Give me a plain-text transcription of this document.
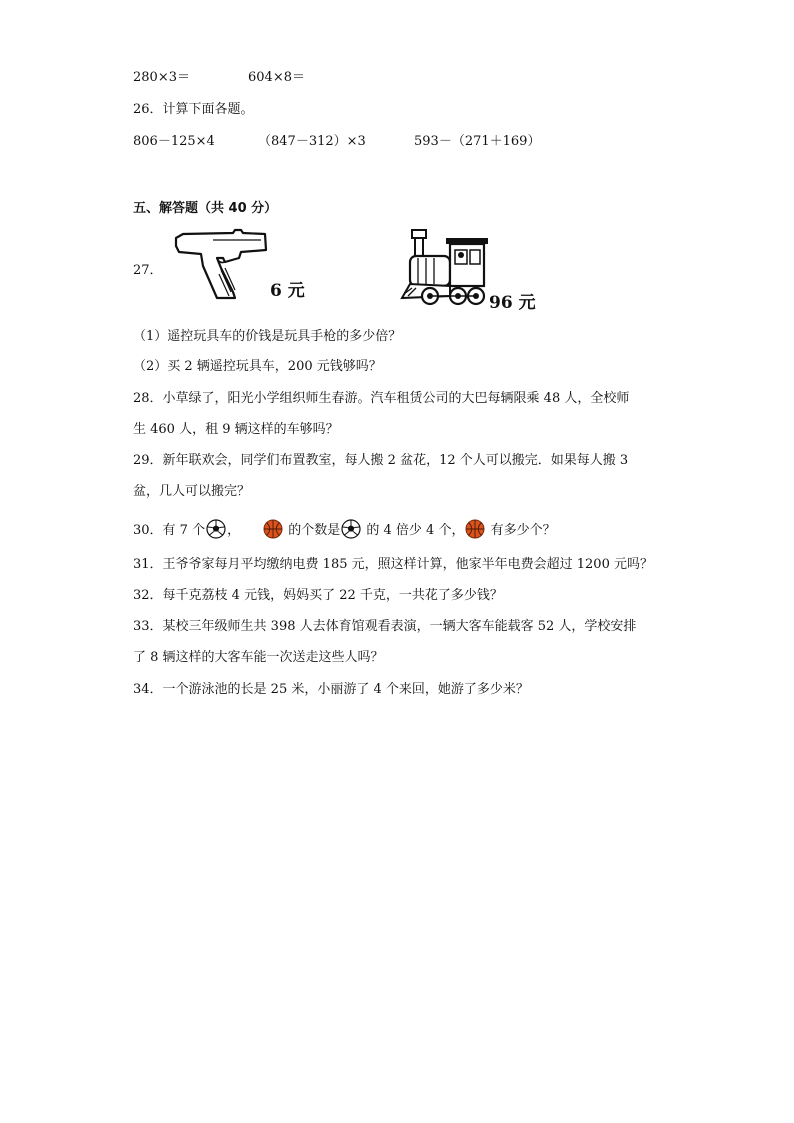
280×3＝	604×8＝
26．计算下面各题。
806－125×4	（847－312）×3	593－（271＋169）
五、解答题（共 40 分）
27．
6 元
96 元
（1）遥控玩具车的价钱是玩具手枪的多少倍？
（2）买 2 辆遥控玩具车，200 元钱够吗？
28．小草绿了，阳光小学组织师生春游。汽车租赁公司的大巴每辆限乘 48 人，全校师
生 460 人，租 9 辆这样的车够吗？
29．新年联欢会，同学们布置教室，每人搬 2 盆花，12 个人可以搬完．如果每人搬 3
盆，几人可以搬完？
30．有 7 个 ，	的个数是 的 4 倍少 4 个， 有多少个？
31．王爷爷家每月平均缴纳电费 185 元，照这样计算，他家半年电费会超过 1200 元吗？
32．每千克荔枝 4 元钱，妈妈买了 22 千克，一共花了多少钱？
33．某校三年级师生共 398 人去体育馆观看表演，一辆大客车能载客 52 人，学校安排
了 8 辆这样的大客车能一次送走这些人吗？
34．一个游泳池的长是 25 米，小丽游了 4 个来回，她游了多少米？
